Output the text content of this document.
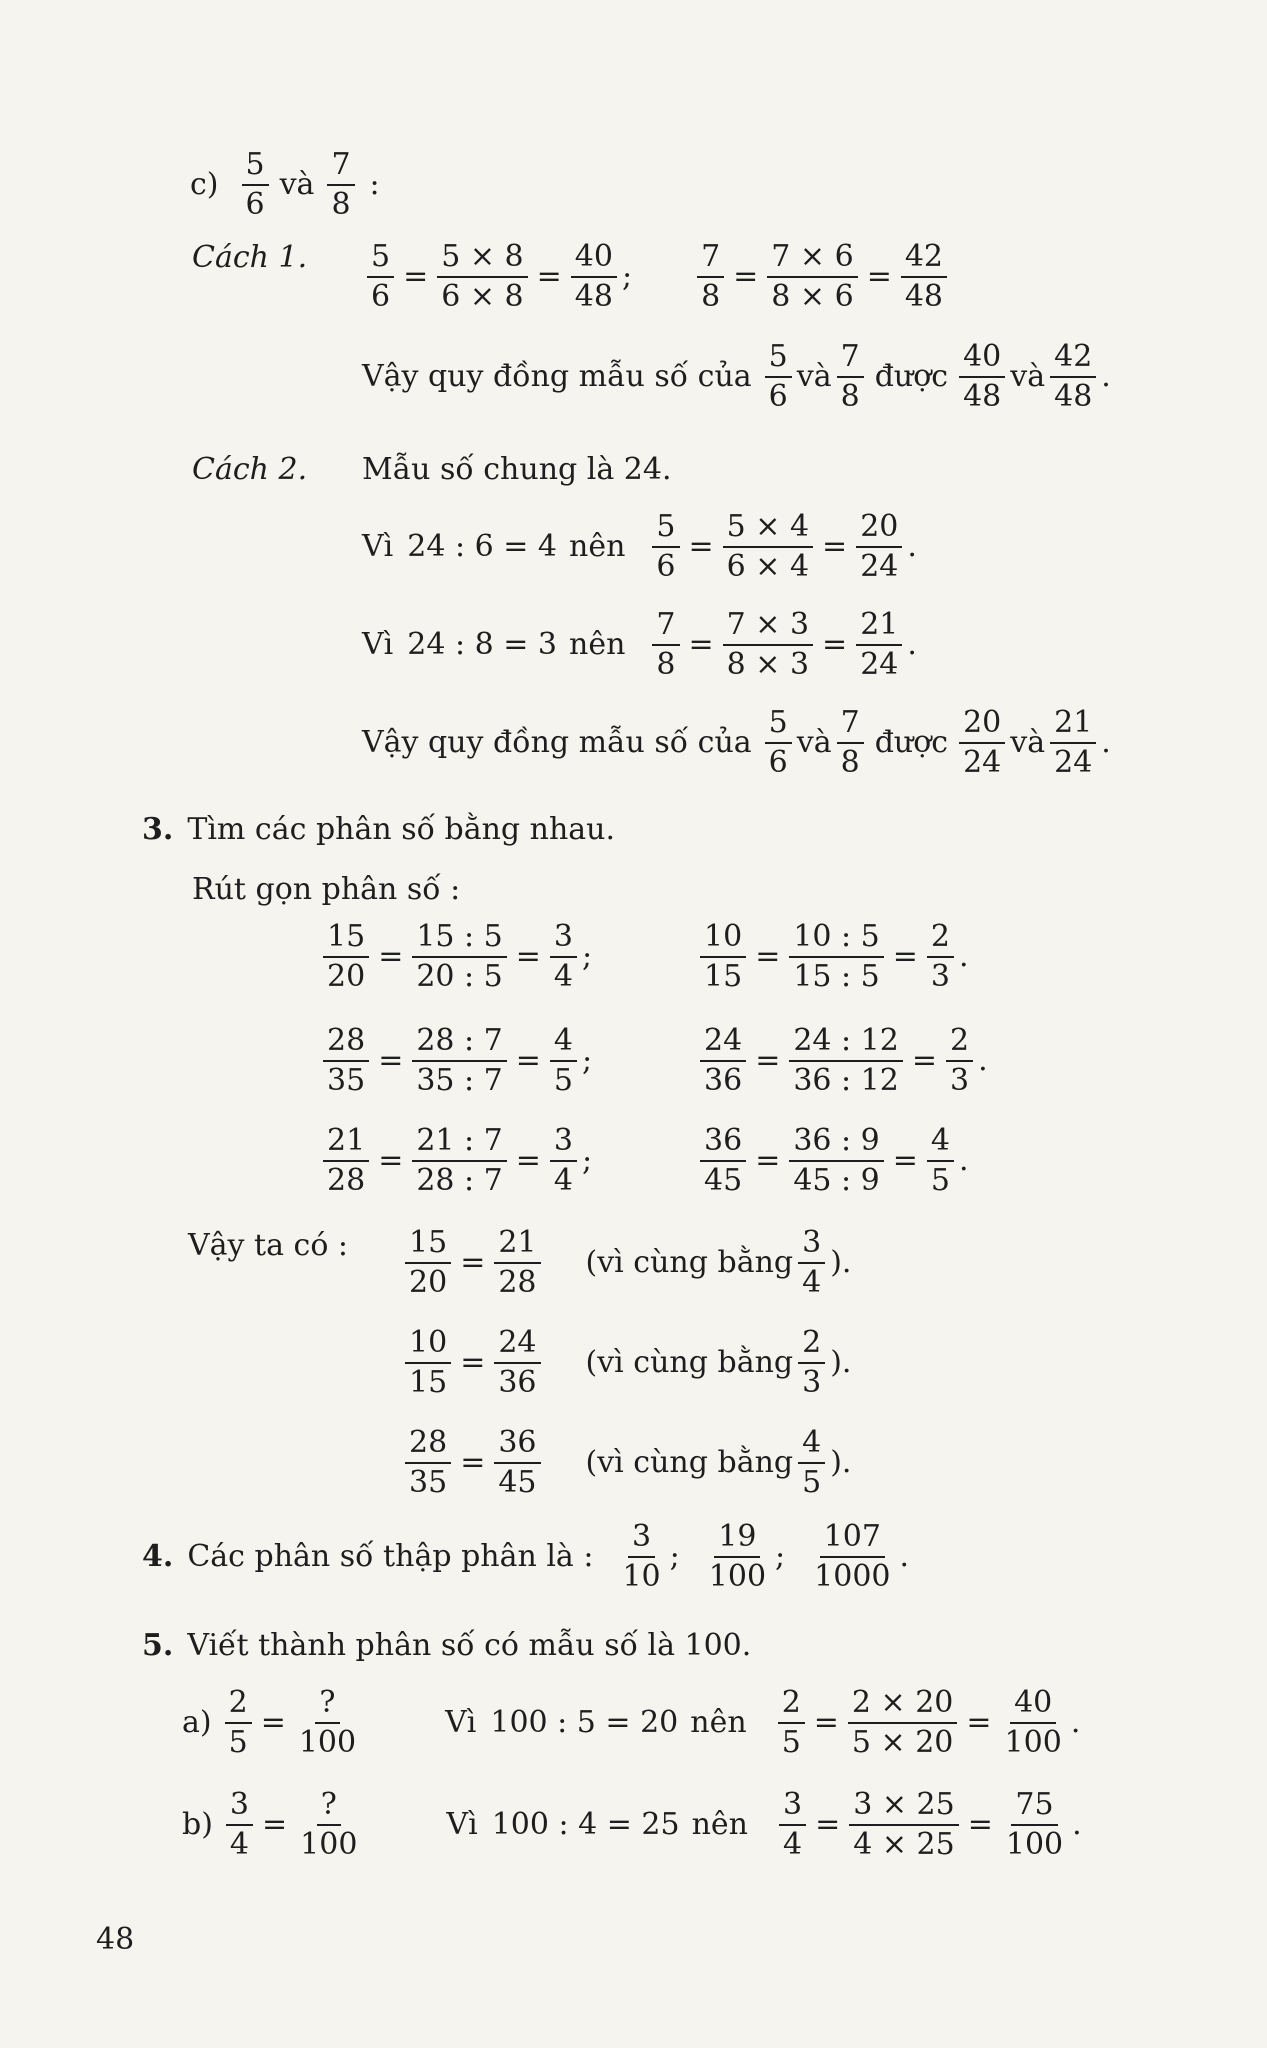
$c) \frac{5}{6}$ và $\frac{7}{8}$ :
Cách 1.	$\frac{5}{6} = \frac{5 \times 8}{6 \times 8} = \frac{40}{48}$ ; $\frac{7}{8} = \frac{7 \times 6}{8 \times 6} = \frac{42}{48}$
Vậy quy đồng mẫu số của $\frac{5}{6}$ và $\frac{7}{8}$ được $\frac{40}{48}$ và $\frac{42}{48}$ .
Cách 2. Mẫu số chung là 24.
Vì 24 : 6 = 4 nên $\frac{5}{6} = \frac{5 \times 4}{6 \times 4} = \frac{20}{24}$ .
Vì 24 : 8 = 3 nên $\frac{7}{8} = \frac{7 \times 3}{8 \times 3} = \frac{21}{24}$ .
Vậy quy đồng mẫu số của $\frac{5}{6}$ và $\frac{7}{8}$ được $\frac{20}{24}$ và $\frac{21}{24}$ .
3. Tìm các phân số bằng nhau.
Rút gọn phân số :
$\frac{15}{20} = \frac{15 : 5}{20 : 5} = \frac{3}{4}$ ;	$\frac{10}{15} = \frac{10 : 5}{15 : 5} = \frac{2}{3}$ .
$\frac{28}{35} = \frac{28 : 7}{35 : 7} = \frac{4}{5}$ ;	$\frac{24}{36} = \frac{24 : 12}{36 : 12} = \frac{2}{3}$ .
$\frac{21}{28} = \frac{21 : 7}{28 : 7} = \frac{3}{4}$ ;	$\frac{36}{45} = \frac{36 : 9}{45 : 9} = \frac{4}{5}$ .
Vậy ta có : $\frac{15}{20} = \frac{21}{28}$ (vì cùng bằng $\frac{3}{4}$ ).
$\frac{10}{15} = \frac{24}{36}$ (vì cùng bằng $\frac{2}{3}$ ).
$\frac{28}{35} = \frac{36}{45}$ (vì cùng bằng $\frac{4}{5}$ ).
4. Các phân số thập phân là : $\frac{3}{10}$ ; $\frac{19}{100}$ ; $\frac{107}{1000}$ .
5. Viết thành phân số có mẫu số là 100.
$a) \frac{2}{5} = \frac{?}{100}$	Vì 100 : 5 = 20 nên $\frac{2}{5} = \frac{2 \times 20}{5 \times 20} = \frac{40}{100}$ .
$b) \frac{3}{4} = \frac{?}{100}$	Vì 100 : 4 = 25 nên $\frac{3}{4} = \frac{3 \times 25}{4 \times 25} = \frac{75}{100}$ .
48
